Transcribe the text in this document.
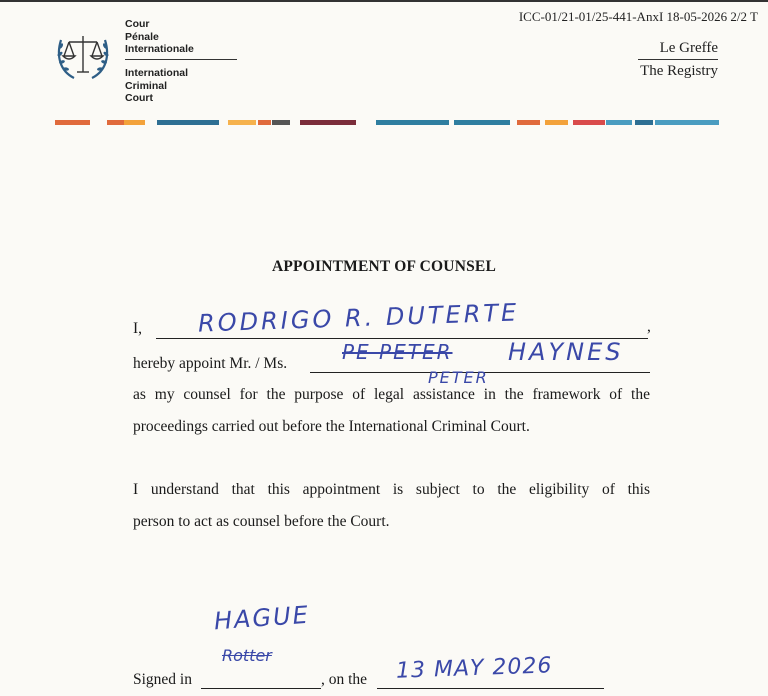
Cour
Pénale
Internationale
International
Criminal
Court
ICC-01/21-01/25-441-AnxI 18-05-2026 2/2 T
Le Greffe
The Registry
APPOINTMENT OF COUNSEL
I,	,
RODRIGO R. DUTERTE
hereby appoint Mr. / Ms.	PE PETER HAYNES
PETER
as my counsel for the purpose of legal assistance in the framework of the
proceedings carried out before the International Criminal Court.
I understand that this appointment is subject to the eligibility of this
person to act as counsel before the Court.
HAGUE
Rotter
Signed in	, on the 13 MAY 2026
